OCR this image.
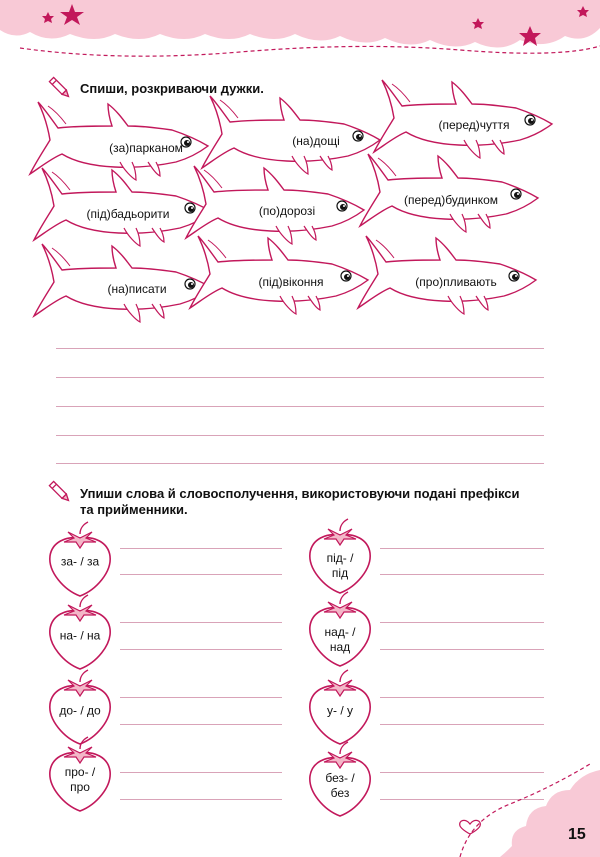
Спиши, розкриваючи дужки.
(за)парканом	(на)дощі
(перед)чуття
(під)бадьорити	(по)дорозі
(перед)будинком
(на)писати	(під)віконня	(про)пливають
Упиши слова й словосполучення, використовуючи подані префікси
та прийменники.
за- / за
на- / на
до- / до
про- /
про
під- /
під
над- /
над
у- / у
без- /
без
15
